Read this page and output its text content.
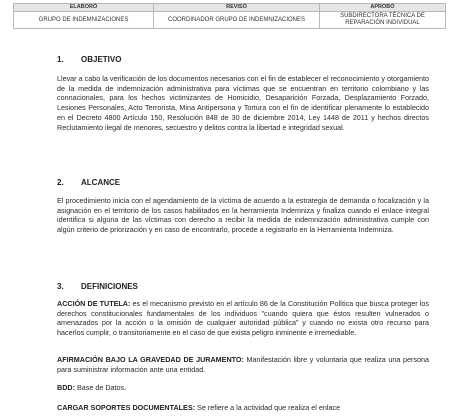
ELABORÓ	REVISÓ	APROBÓ
GRUPO DE INDEMNIZACIONES	COORDINADOR GRUPO DE INDEMNIZACIONES	SUBDIRECTORA TÉCNICA DE REPARACIÓN INDIVIDUAL
1. OBJETIVO
Llevar a cabo la verificación de los documentos necesarios con el fin de establecer el reconocimiento y otorgamiento de la medida de indemnización administrativa para víctimas que se encuentran en territorio colombiano y las connacionales, para los hechos victimizantes de Homicidio, Desaparición Forzada, Desplazamiento Forzado, Lesiones Personales, Acto Terrorista, Mina Antipersona y Tortura con el fin de identificar plenamente lo establecido en el Decreto 4800 Artículo 150, Resolución 848 de 30 de diciembre 2014, Ley 1448 de 2011 y hechos directos Reclutamiento ilegal de menores, secuestro y delitos contra la libertad e integridad sexual.
2. ALCANCE
El procedimiento inicia con el agendamiento de la víctima de acuerdo a la estrategia de demanda o focalización y la asignación en el territorio de los casos habilitados en la herramienta Indemniza y finaliza cuando el enlace integral identifica si alguna de las víctimas con derecho a recibir la medida de indemnización administrativa cumple con algún criterio de priorización y en caso de encontrarlo, procede a registrarlo en la Herramienta Indemniza.
3. DEFINICIONES
ACCIÓN DE TUTELA: es el mecanismo previsto en el artículo 86 de la Constitución Política que busca proteger los derechos constitucionales fundamentales de los individuos "cuando quiera que éstos resulten vulnerados o amenazados por la acción o la omisión de cualquier autoridad pública" y cuando no exista otro recurso para hacerlos cumplir, o transitoriamente en el caso de que exista peligro inminente e irremediable.
AFIRMACIÓN BAJO LA GRAVEDAD DE JURAMENTO: Manifestación libre y voluntaria que realiza una persona para suministrar información ante una entidad.
BDD: Base de Datos.
CARGAR SOPORTES DOCUMENTALES: Se refiere a la actividad que realiza el enlace
